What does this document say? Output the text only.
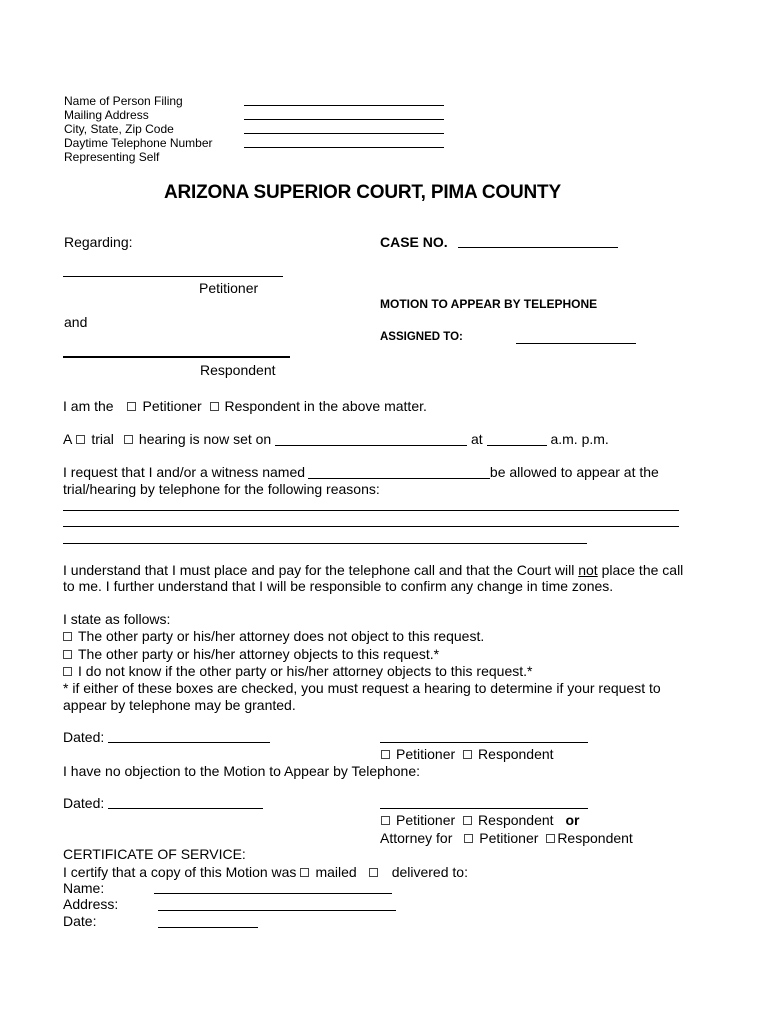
Name of Person Filing
Mailing Address
City, State, Zip Code
Daytime Telephone Number
Representing Self
ARIZONA SUPERIOR COURT, PIMA COUNTY
Regarding:	CASE NO.
Petitioner
MOTION TO APPEAR BY TELEPHONE
and
ASSIGNED TO:
Respondent
I am the Petitioner Respondent in the above matter.
A trial hearing is now set on	at	a.m. p.m.
I request that I and/or a witness named	be allowed to appear at the
trial/hearing by telephone for the following reasons:
I understand that I must place and pay for the telephone call and that the Court will not place the call
to me. I further understand that I will be responsible to confirm any change in time zones.
I state as follows:
The other party or his/her attorney does not object to this request.
The other party or his/her attorney objects to this request.*
I do not know if the other party or his/her attorney objects to this request.*
* if either of these boxes are checked, you must request a hearing to determine if your request to
appear by telephone may be granted.
Dated:
Petitioner Respondent
I have no objection to the Motion to Appear by Telephone:
Dated:
Petitioner Respondent or
Attorney for Petitioner Respondent
CERTIFICATE OF SERVICE:
I certify that a copy of this Motion was mailed	delivered to:
Name:
Address:
Date:
